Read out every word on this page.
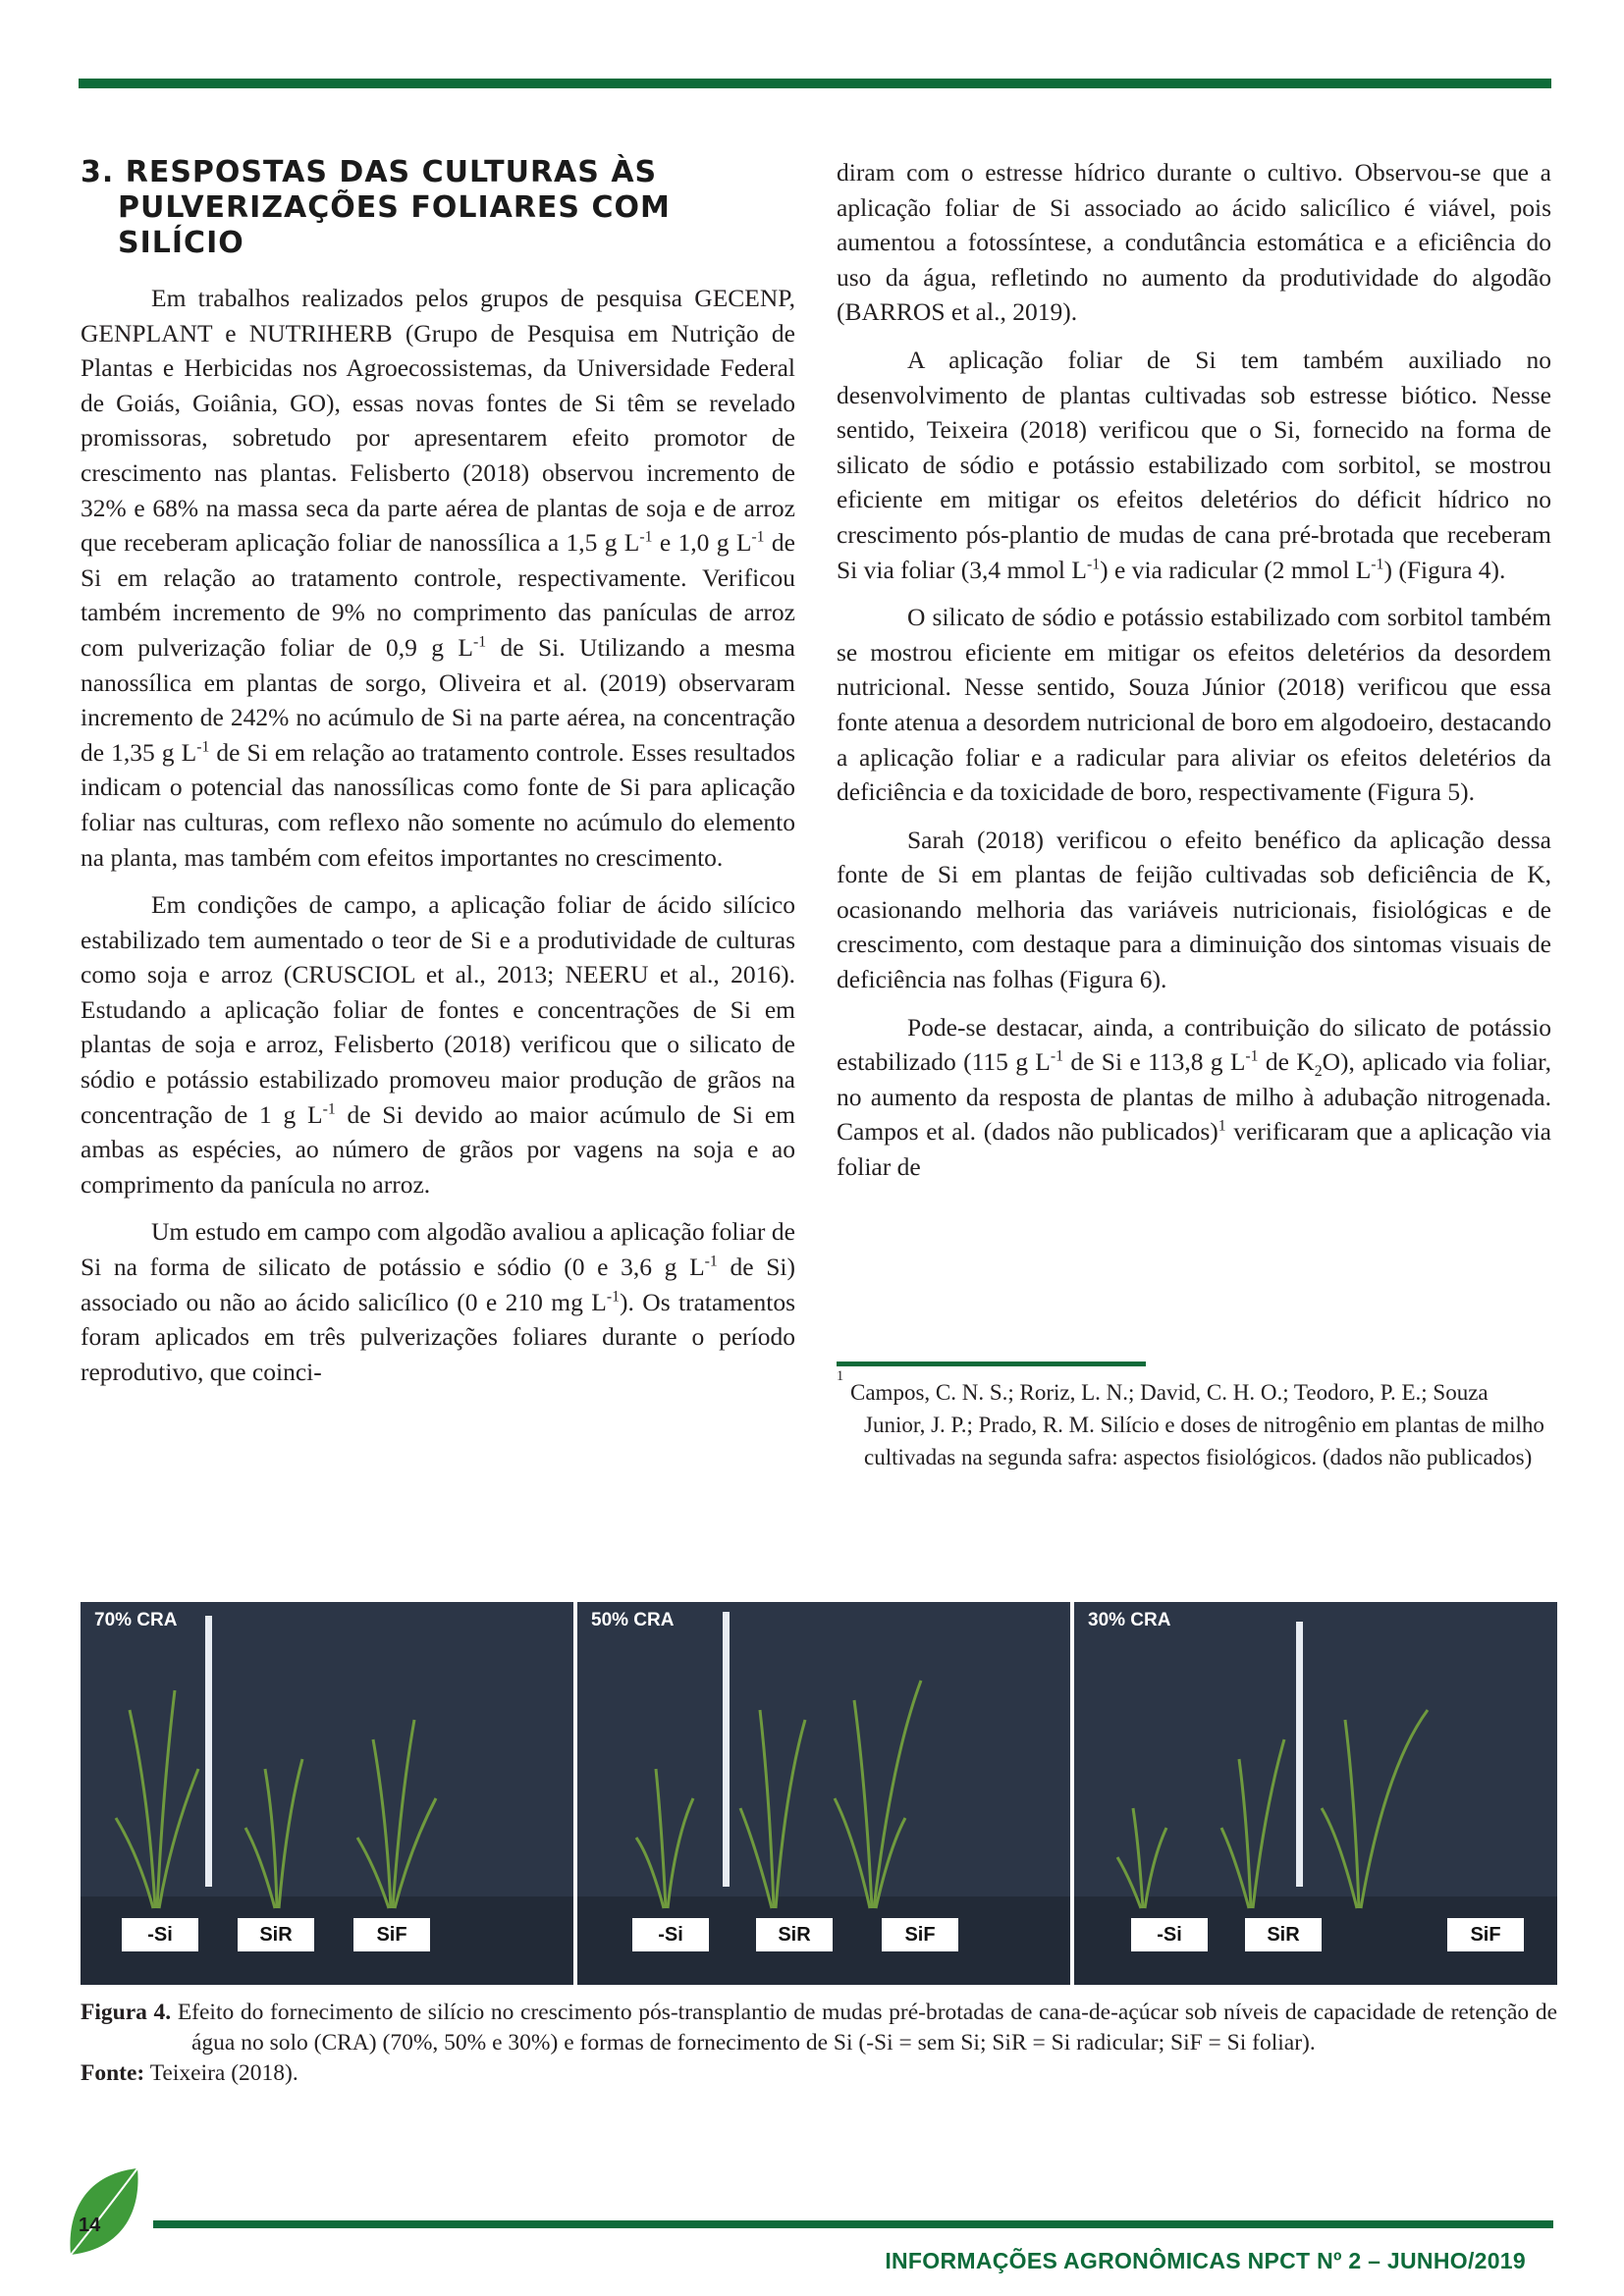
3. RESPOSTAS DAS CULTURAS ÀS
PULVERIZAÇÕES FOLIARES COM SILÍCIO

Em trabalhos realizados pelos grupos de pesquisa GECENP, GENPLANT e NUTRIHERB (Grupo de Pesquisa em Nutrição de Plantas e Herbicidas nos Agroecossistemas, da Universidade Federal de Goiás, Goiânia, GO), essas novas fontes de Si têm se revelado promissoras, sobretudo por apresentarem efeito promotor de crescimento nas plantas. Felisberto (2018) observou incremento de 32% e 68% na massa seca da parte aérea de plantas de soja e de arroz que receberam aplicação foliar de nanossílica a 1,5 g $L^{-1}$ e 1,0 g $L^{-1}$ de Si em relação ao tratamento controle, respectivamente. Verificou também incremento de 9% no comprimento das panículas de arroz com pulverização foliar de 0,9 g $L^{-1}$ de Si. Utilizando a mesma nanossílica em plantas de sorgo, Oliveira et al. (2019) observaram incremento de 242% no acúmulo de Si na parte aérea, na concentração de 1,35 g $L^{-1}$ de Si em relação ao tratamento controle. Esses resultados indicam o potencial das nanossílicas como fonte de Si para aplicação foliar nas culturas, com reflexo não somente no acúmulo do elemento na planta, mas também com efeitos importantes no crescimento.

Em condições de campo, a aplicação foliar de ácido silícico estabilizado tem aumentado o teor de Si e a produtividade de culturas como soja e arroz (CRUSCIOL et al., 2013; NEERU et al., 2016). Estudando a aplicação foliar de fontes e concentrações de Si em plantas de soja e arroz, Felisberto (2018) verificou que o silicato de sódio e potássio estabilizado promoveu maior produção de grãos na concentração de 1 g $L^{-1}$ de Si devido ao maior acúmulo de Si em ambas as espécies, ao número de grãos por vagens na soja e ao comprimento da panícula no arroz.

Um estudo em campo com algodão avaliou a aplicação foliar de Si na forma de silicato de potássio e sódio (0 e 3,6 g $L^{-1}$ de Si) associado ou não ao ácido salicílico (0 e 210 mg $L^{-1}$). Os tratamentos foram aplicados em três pulverizações foliares durante o período reprodutivo, que coinci-

diram com o estresse hídrico durante o cultivo. Observou-se que a aplicação foliar de Si associado ao ácido salicílico é viável, pois aumentou a fotossíntese, a condutância estomática e a eficiência do uso da água, refletindo no aumento da produtividade do algodão (BARROS et al., 2019).

A aplicação foliar de Si tem também auxiliado no desenvolvimento de plantas cultivadas sob estresse biótico. Nesse sentido, Teixeira (2018) verificou que o Si, fornecido na forma de silicato de sódio e potássio estabilizado com sorbitol, se mostrou eficiente em mitigar os efeitos deletérios do déficit hídrico no crescimento pós-plantio de mudas de cana pré-brotada que receberam Si via foliar (3,4 mmol $L^{-1}$) e via radicular (2 mmol $L^{-1}$) (Figura 4).

O silicato de sódio e potássio estabilizado com sorbitol também se mostrou eficiente em mitigar os efeitos deletérios da desordem nutricional. Nesse sentido, Souza Júnior (2018) verificou que essa fonte atenua a desordem nutricional de boro em algodoeiro, destacando a aplicação foliar e a radicular para aliviar os efeitos deletérios da deficiência e da toxicidade de boro, respectivamente (Figura 5).

Sarah (2018) verificou o efeito benéfico da aplicação dessa fonte de Si em plantas de feijão cultivadas sob deficiência de K, ocasionando melhoria das variáveis nutricionais, fisiológicas e de crescimento, com destaque para a diminuição dos sintomas visuais de deficiência nas folhas (Figura 6).

Pode-se destacar, ainda, a contribuição do silicato de potássio estabilizado (115 g $L^{-1}$ de Si e 113,8 g $L^{-1}$ de $K_2O$), aplicado via foliar, no aumento da resposta de plantas de milho à adubação nitrogenada. Campos et al. (dados não publicados)$^1$ verificaram que a aplicação via foliar de

1
Campos, C. N. S.; Roriz, L. N.; David, C. H. O.; Teodoro, P. E.; Souza Junior, J. P.; Prado, R. M. Silício e doses de nitrogênio em plantas de milho cultivadas na segunda safra: aspectos fisiológicos. (dados não publicados)
70% CRA
-Si	SiR	SiF
50% CRA
-Si	SiR	SiF
30% CRA
-Si	SiR	SiF

Figura 4. Efeito do fornecimento de silício no crescimento pós-transplantio de mudas pré-brotadas de cana-de-açúcar sob níveis de capacidade de retenção de água no solo (CRA) (70%, 50% e 30%) e formas de fornecimento de Si (-Si = sem Si; SiR = Si radicular; SiF = Si foliar).

Fonte: Teixeira (2018).

14
INFORMAÇÕES AGRONÔMICAS NPCT Nº 2 – JUNHO/2019
